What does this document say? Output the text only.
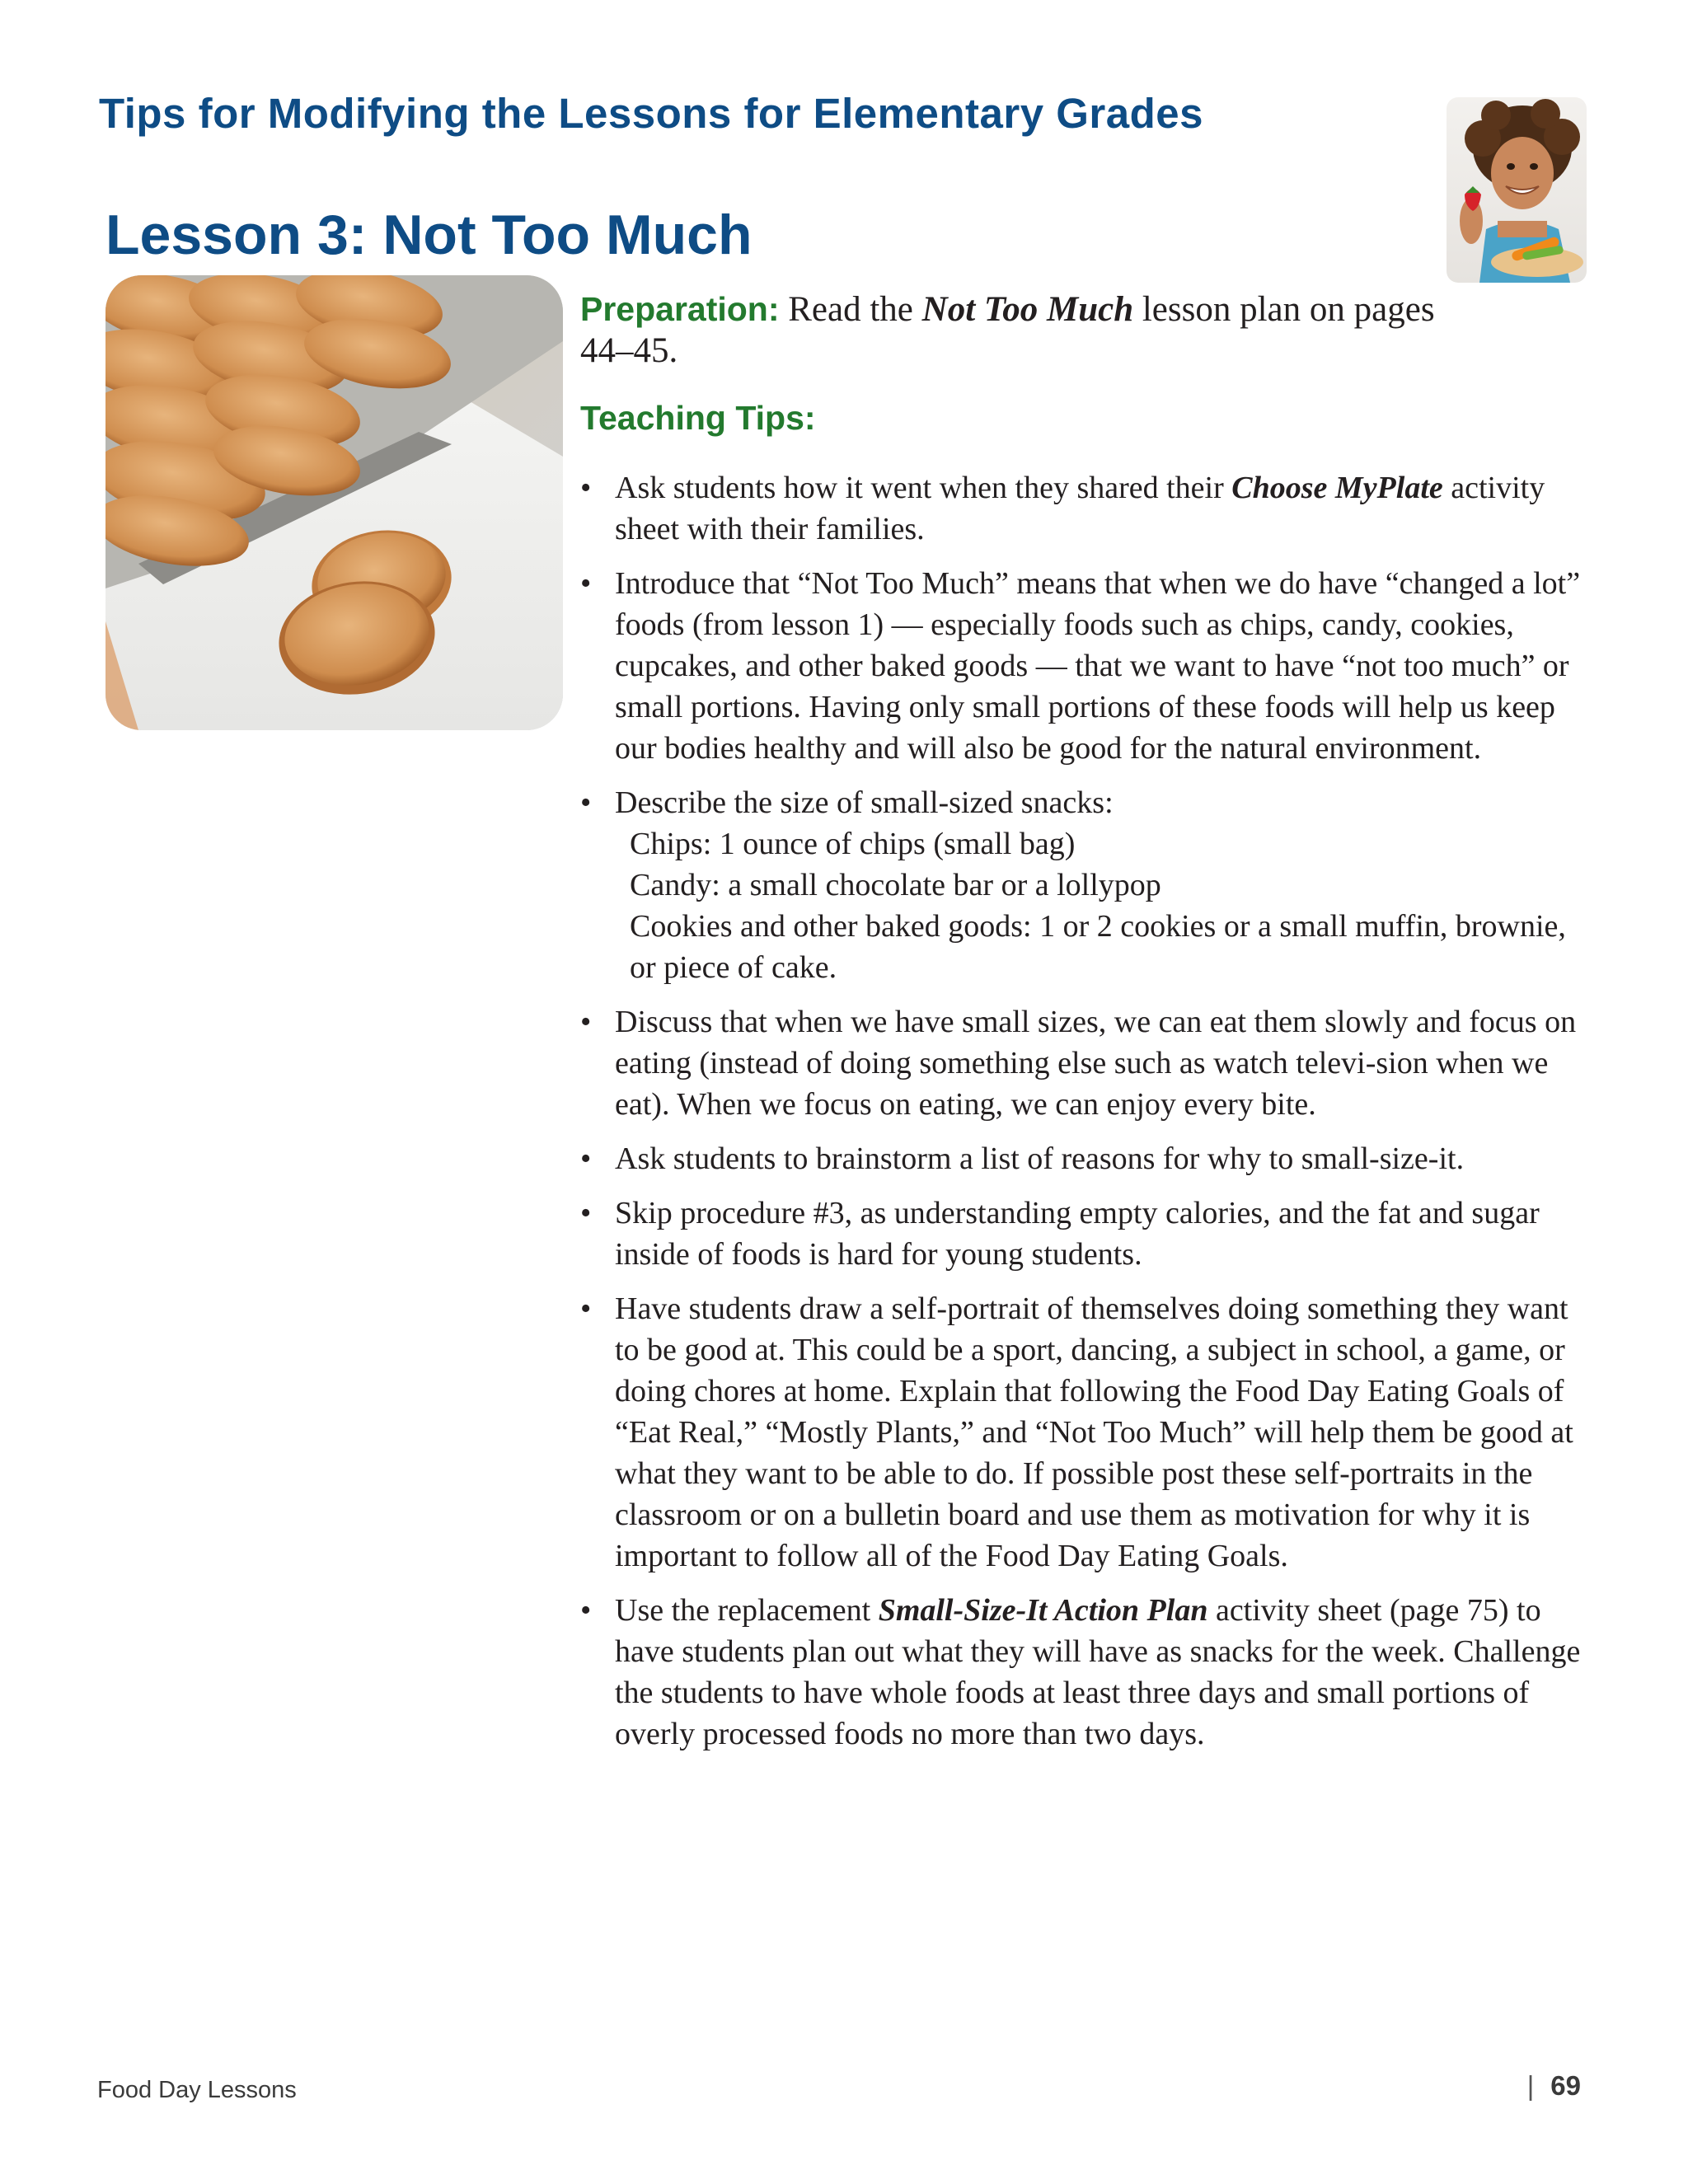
Tips for Modifying the Lessons for Elementary Grades
Lesson 3: Not Too Much

Preparation: Read the Not Too Much lesson plan on pages 44–45.

Teaching Tips:
• Ask students how it went when they shared their Choose MyPlate activity sheet with their families.
• Introduce that “Not Too Much” means that when we do have “changed a lot” foods (from lesson 1) — especially foods such as chips, candy, cookies, cupcakes, and other baked goods — that we want to have “not too much” or small portions. Having only small portions of these foods will help us keep our bodies healthy and will also be good for the natural environment.
• Describe the size of small-sized snacks:
Chips: 1 ounce of chips (small bag)
Candy: a small chocolate bar or a lollypop
Cookies and other baked goods: 1 or 2 cookies or a small muffin, brownie, or piece of cake.
• Discuss that when we have small sizes, we can eat them slowly and focus on eating (instead of doing something else such as watch televi-sion when we eat). When we focus on eating, we can enjoy every bite.
• Ask students to brainstorm a list of reasons for why to small-size-it.
• Skip procedure #3, as understanding empty calories, and the fat and sugar inside of foods is hard for young students.
• Have students draw a self-portrait of themselves doing something they want to be good at. This could be a sport, dancing, a subject in school, a game, or doing chores at home. Explain that following the Food Day Eating Goals of “Eat Real,” “Mostly Plants,” and “Not Too Much” will help them be good at what they want to be able to do. If possible post these self-portraits in the classroom or on a bulletin board and use them as motivation for why it is important to follow all of the Food Day Eating Goals.
• Use the replacement Small-Size-It Action Plan activity sheet (page 75) to have students plan out what they will have as snacks for the week. Challenge the students to have whole foods at least three days and small portions of overly processed foods no more than two days.
Food Day Lessons	| 69
